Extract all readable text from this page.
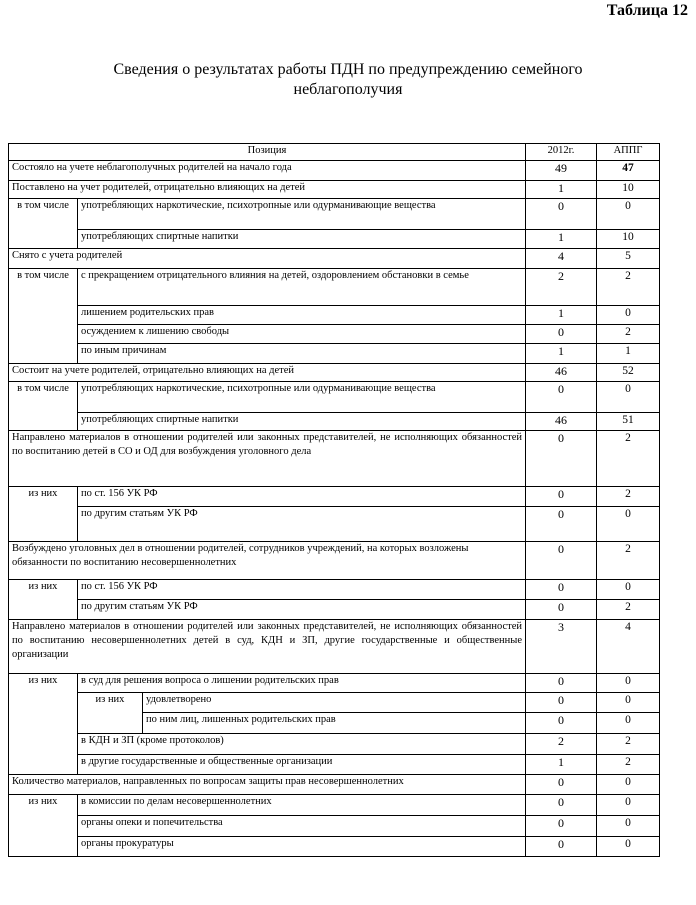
Таблица 12
Сведения о результатах работы ПДН по предупреждению семейного
неблагополучия
Позиция			2012г.	АППГ
Состояло на учете неблагополучных родителей на начало года			49	47
Поставлено на учет родителей, отрицательно влияющих на детей			1	10
в том числе	употребляющих наркотические, психотропные или одурманивающие вещества		0	0
	употребляющих спиртные напитки		1	10
Снято с учета родителей			4	5
в том числе	с прекращением отрицательного влияния на детей, оздоровлением обстановки в семье		2	2
	лишением родительских прав		1	0
	осуждением к лишению свободы		0	2
	по иным причинам		1	1
Состоит на учете родителей, отрицательно влияющих на детей			46	52
в том числе	употребляющих наркотические, психотропные или одурманивающие вещества		0	0
	употребляющих спиртные напитки		46	51
Направлено материалов в отношении родителей или законных представителей, не исполняющих обязанностей по воспитанию детей в СО и ОД для возбуждения уголовного дела			0	2
из них	по ст. 156 УК РФ		0	2
	по другим статьям УК РФ		0	0
Возбуждено уголовных дел в отношении родителей, сотрудников учреждений, на которых возложены обязанности по воспитанию несовершеннолетних			0	2
из них	по ст. 156 УК РФ		0	0
	по другим статьям УК РФ		0	2
Направлено материалов в отношении родителей или законных представителей, не исполняющих обязанностей по воспитанию несовершеннолетних детей в суд, КДН и ЗП, другие государственные и общественные организации			3	4
из них	в суд для решения вопроса о лишении родительских прав		0	0
	из них	удовлетворено	0	0
		по ним лиц, лишенных родительских прав	0	0
	в КДН и ЗП (кроме протоколов)		2	2
	в другие государственные и общественные организации		1	2
Количество материалов, направленных по вопросам защиты прав несовершеннолетних			0	0
из них	в комиссии по делам несовершеннолетних		0	0
	органы опеки и попечительства		0	0
	органы прокуратуры		0	0
